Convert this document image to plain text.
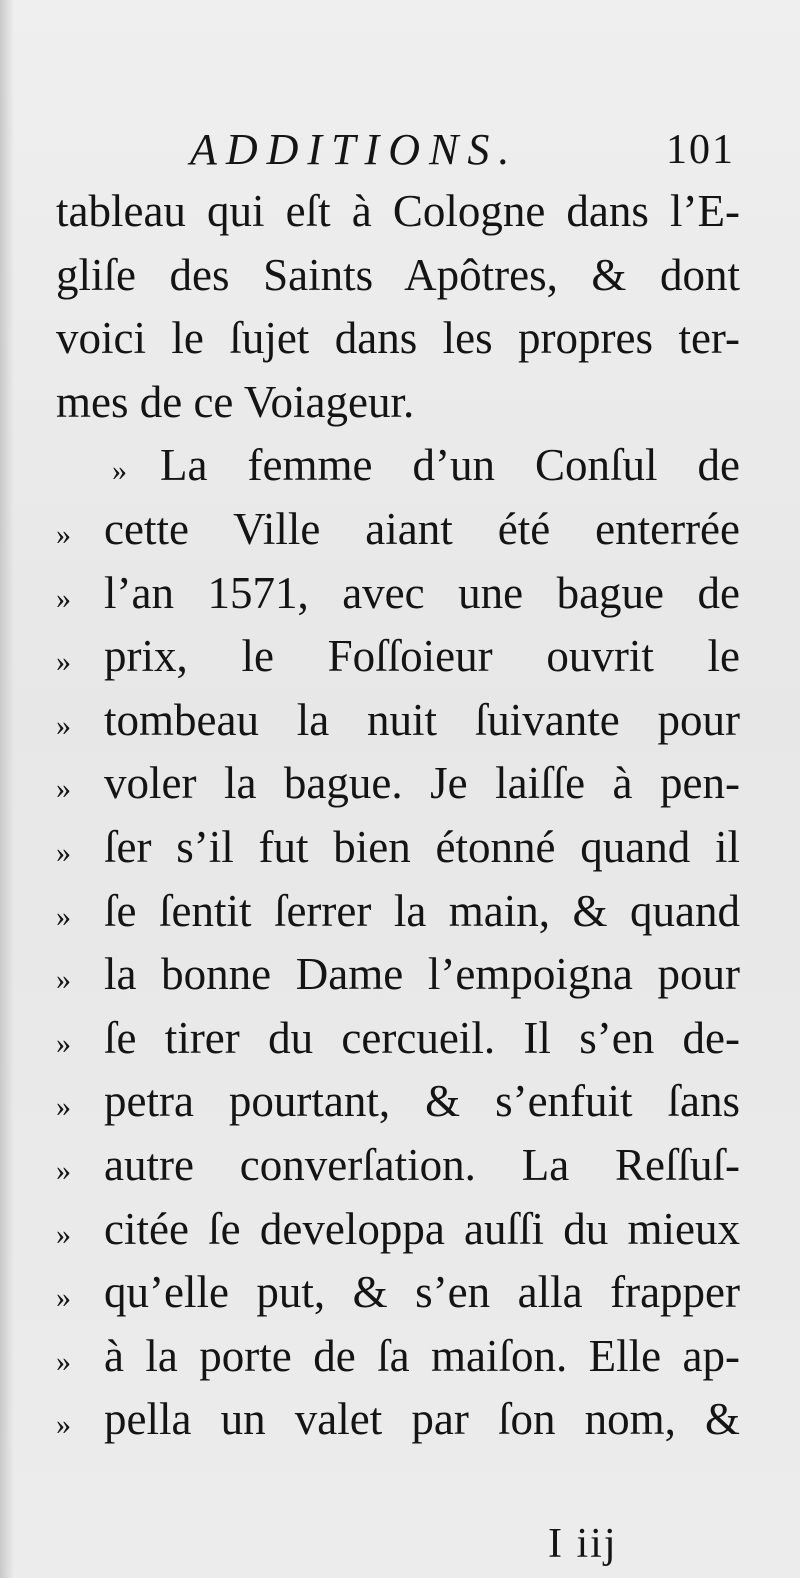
ADDITIONS.	101
tableau qui eſt à Cologne dans l’E-
gliſe des Saints Apôtres, & dont
voici le ſujet dans les propres ter-
mes de ce Voiageur.
» La femme d’un Conſul de
» cette Ville aiant été enterrée
» l’an 1571, avec une bague de
» prix, le Foſſoieur ouvrit le
» tombeau la nuit ſuivante pour
» voler la bague. Je laiſſe à pen-
» ſer s’il fut bien étonné quand il
» ſe ſentit ſerrer la main, & quand
» la bonne Dame l’empoigna pour
» ſe tirer du cercueil. Il s’en de-
» petra pourtant, & s’enfuit ſans
» autre converſation. La Reſſuſ-
» citée ſe developpa auſſi du mieux
» qu’elle put, & s’en alla frapper
» à la porte de ſa maiſon. Elle ap-
» pella un valet par ſon nom, &
I iij
